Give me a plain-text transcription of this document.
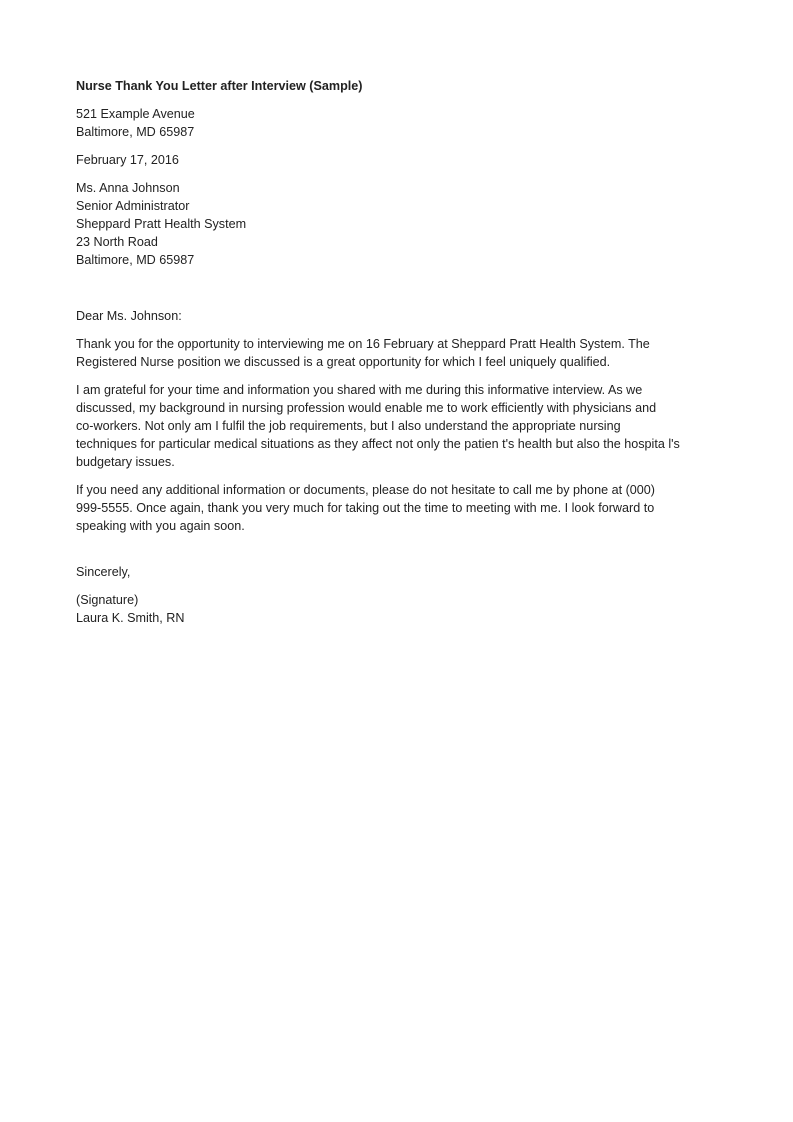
Nurse Thank You Letter after Interview (Sample)
521 Example Avenue
Baltimore, MD 65987
February 17, 2016
Ms. Anna Johnson
Senior Administrator
Sheppard Pratt Health System
23 North Road
Baltimore, MD 65987
Dear Ms. Johnson:
Thank you for the opportunity to interviewing me on 16 February at Sheppard Pratt Health System. The
Registered Nurse position we discussed is a great opportunity for which I feel uniquely qualified.
I am grateful for your time and information you shared with me during this informative interview. As we
discussed, my background in nursing profession would enable me to work efficiently with physicians and
co-workers. Not only am I fulfil the job requirements, but I also understand the appropriate nursing
techniques for particular medical situations as they affect not only the patien t's health but also the hospita l's
budgetary issues.
If you need any additional information or documents, please do not hesitate to call me by phone at (000)
999-5555. Once again, thank you very much for taking out the time to meeting with me. I look forward to
speaking with you again soon.
Sincerely,
(Signature)
Laura K. Smith, RN
